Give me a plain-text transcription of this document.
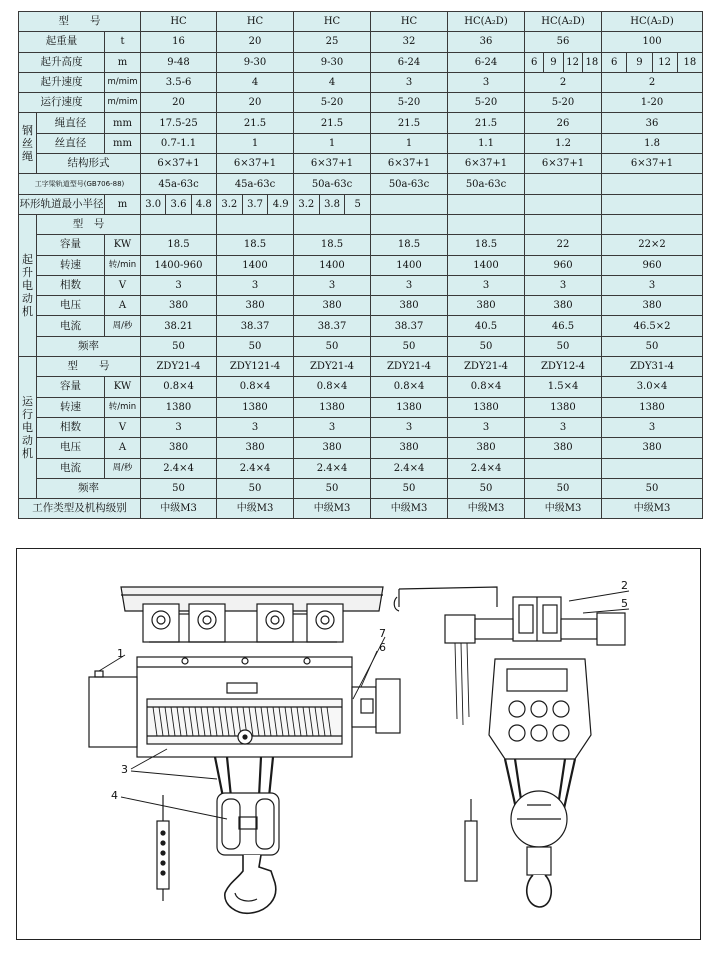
型　　号			HC	HC	HC	HC	HC(A₂D)	HC(A₂D)	HC(A₂D)
起重量		t	16	20	25	32	36	56	100
起升高度		m	9-48	9-30	9-30	6-24	6-24	6 9 12 18	6 9 12 18

起升速度		m/mim	3.5-6	4	4	3	3	2	2
运行速度		m/mim	20	20	5-20	5-20	5-20	5-20	1-20
钢丝绳	绳直径	mm	17.5-25	21.5	21.5	21.5	21.5	26	36
	丝直径	mm	0.7-1.1	1	1	1	1.1	1.2	1.8
	结构形式		6×37+1	6×37+1	6×37+1	6×37+1	6×37+1	6×37+1	6×37+1
工字梁轨道型号(GB706-88)			45a-63c	45a-63c	50a-63c	50a-63c	50a-63c		
环形轨道最小半径		m	3.0 3.6 4.8	3.2 3.7 4.9	3.2 3.8 5				

起升电动机	型　号								
	容量	KW	18.5	18.5	18.5	18.5	18.5	22	22×2
	转速	转/min	1400-960	1400	1400	1400	1400	960	960
	相数	V	3	3	3	3	3	3	3
	电压	A	380	380	380	380	380	380	380
	电流	周/秒	38.21	38.37	38.37	38.37	40.5	46.5	46.5×2
	频率		50	50	50	50	50	50	50
运行电动机	型　　号		ZDY21-4	ZDY121-4	ZDY21-4	ZDY21-4	ZDY21-4	ZDY12-4	ZDY31-4
	容量	KW	0.8×4	0.8×4	0.8×4	0.8×4	0.8×4	1.5×4	3.0×4
	转速	转/min	1380	1380	1380	1380	1380	1380	1380
	相数	V	3	3	3	3	3	3	3
	电压	A	380	380	380	380	380	380	380
	电流	周/秒	2.4×4	2.4×4	2.4×4	2.4×4	2.4×4		
	频率		50	50	50	50	50	50	50
工作类型及机构级别			中级M3	中级M3	中级M3	中级M3	中级M3	中级M3	中级M3
1
2
3
4
5
6
7
